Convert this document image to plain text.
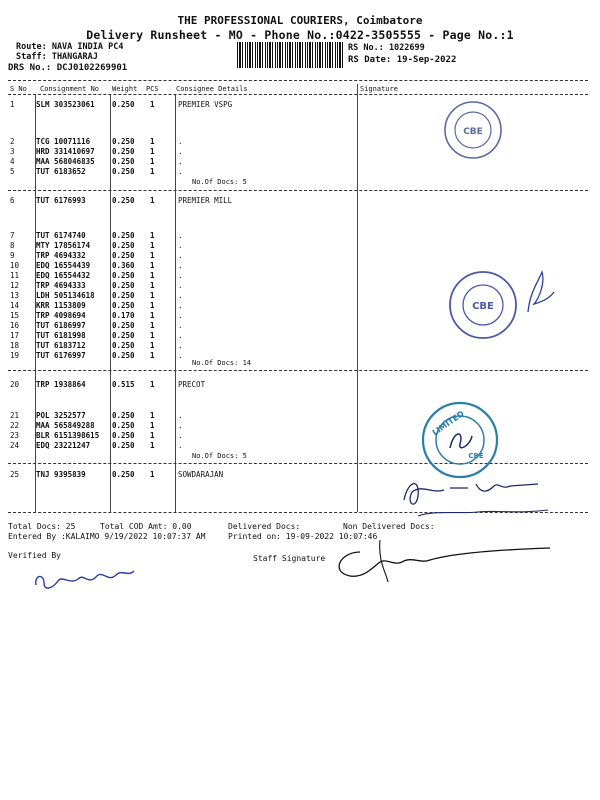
THE PROFESSIONAL COURIERS, Coimbatore
Delivery Runsheet - MO - Phone No.:0422-3505555 - Page No.:1
Route: NAVA INDIA PC4
Staff: THANGARAJ
DRS No.: DCJ0102269901
RS No.: 1022699
RS Date: 19-Sep-2022
S No Consignment No Weight PCS Consignee Details	Signature
1	SLM 303523061 0.250 1	PREMIER VSPG
2	TCG 10071116	0.250 1	.
3	HRD 331410697 0.250 1	.
4	MAA 568046835 0.250 1	.
5	TUT 6183652	0.250 1	.
6	TUT 6176993	0.250 1	PREMIER MILL
7	TUT 6174740	0.250 1	.
8	MTY 17856174	0.250 1	.
9	TRP 4694332	0.250 1	.
10 EDQ 16554439	0.360 1	.
11 EDQ 16554432	0.250 1	.
12 TRP 4694333	0.250 1	.
13 LDH 505134618 0.250 1	.
14 KRR 1153809	0.250 1	.
15 TRP 4098694	0.170 1	.
16 TUT 6186997	0.250 1	.
17 TUT 6181998	0.250 1	.
18 TUT 6183712	0.250 1	.
19 TUT 6176997	0.250 1	.
20 TRP 1938864	0.515 1	PRECOT
21 POL 3252577	0.250 1	.
22 MAA 565849288 0.250 1	.
23 BLR 6151398615 0.250 1	.
24 EDQ 23221247	0.250 1	.
25 TNJ 9395839	0.250 1	SOWDARAJAN
No.Of Docs: 5
No.Of Docs: 14
No.Of Docs: 5
Total Docs: 25	Total COD Amt: 0.00	Delivered Docs:	Non Delivered Docs:
Entered By :KALAIMO 9/19/2022 10:07:37 AM	Printed on: 19-09-2022 10:07:46
Verified By	Staff Signature
CBE
CBE
LIMITED
CBE
